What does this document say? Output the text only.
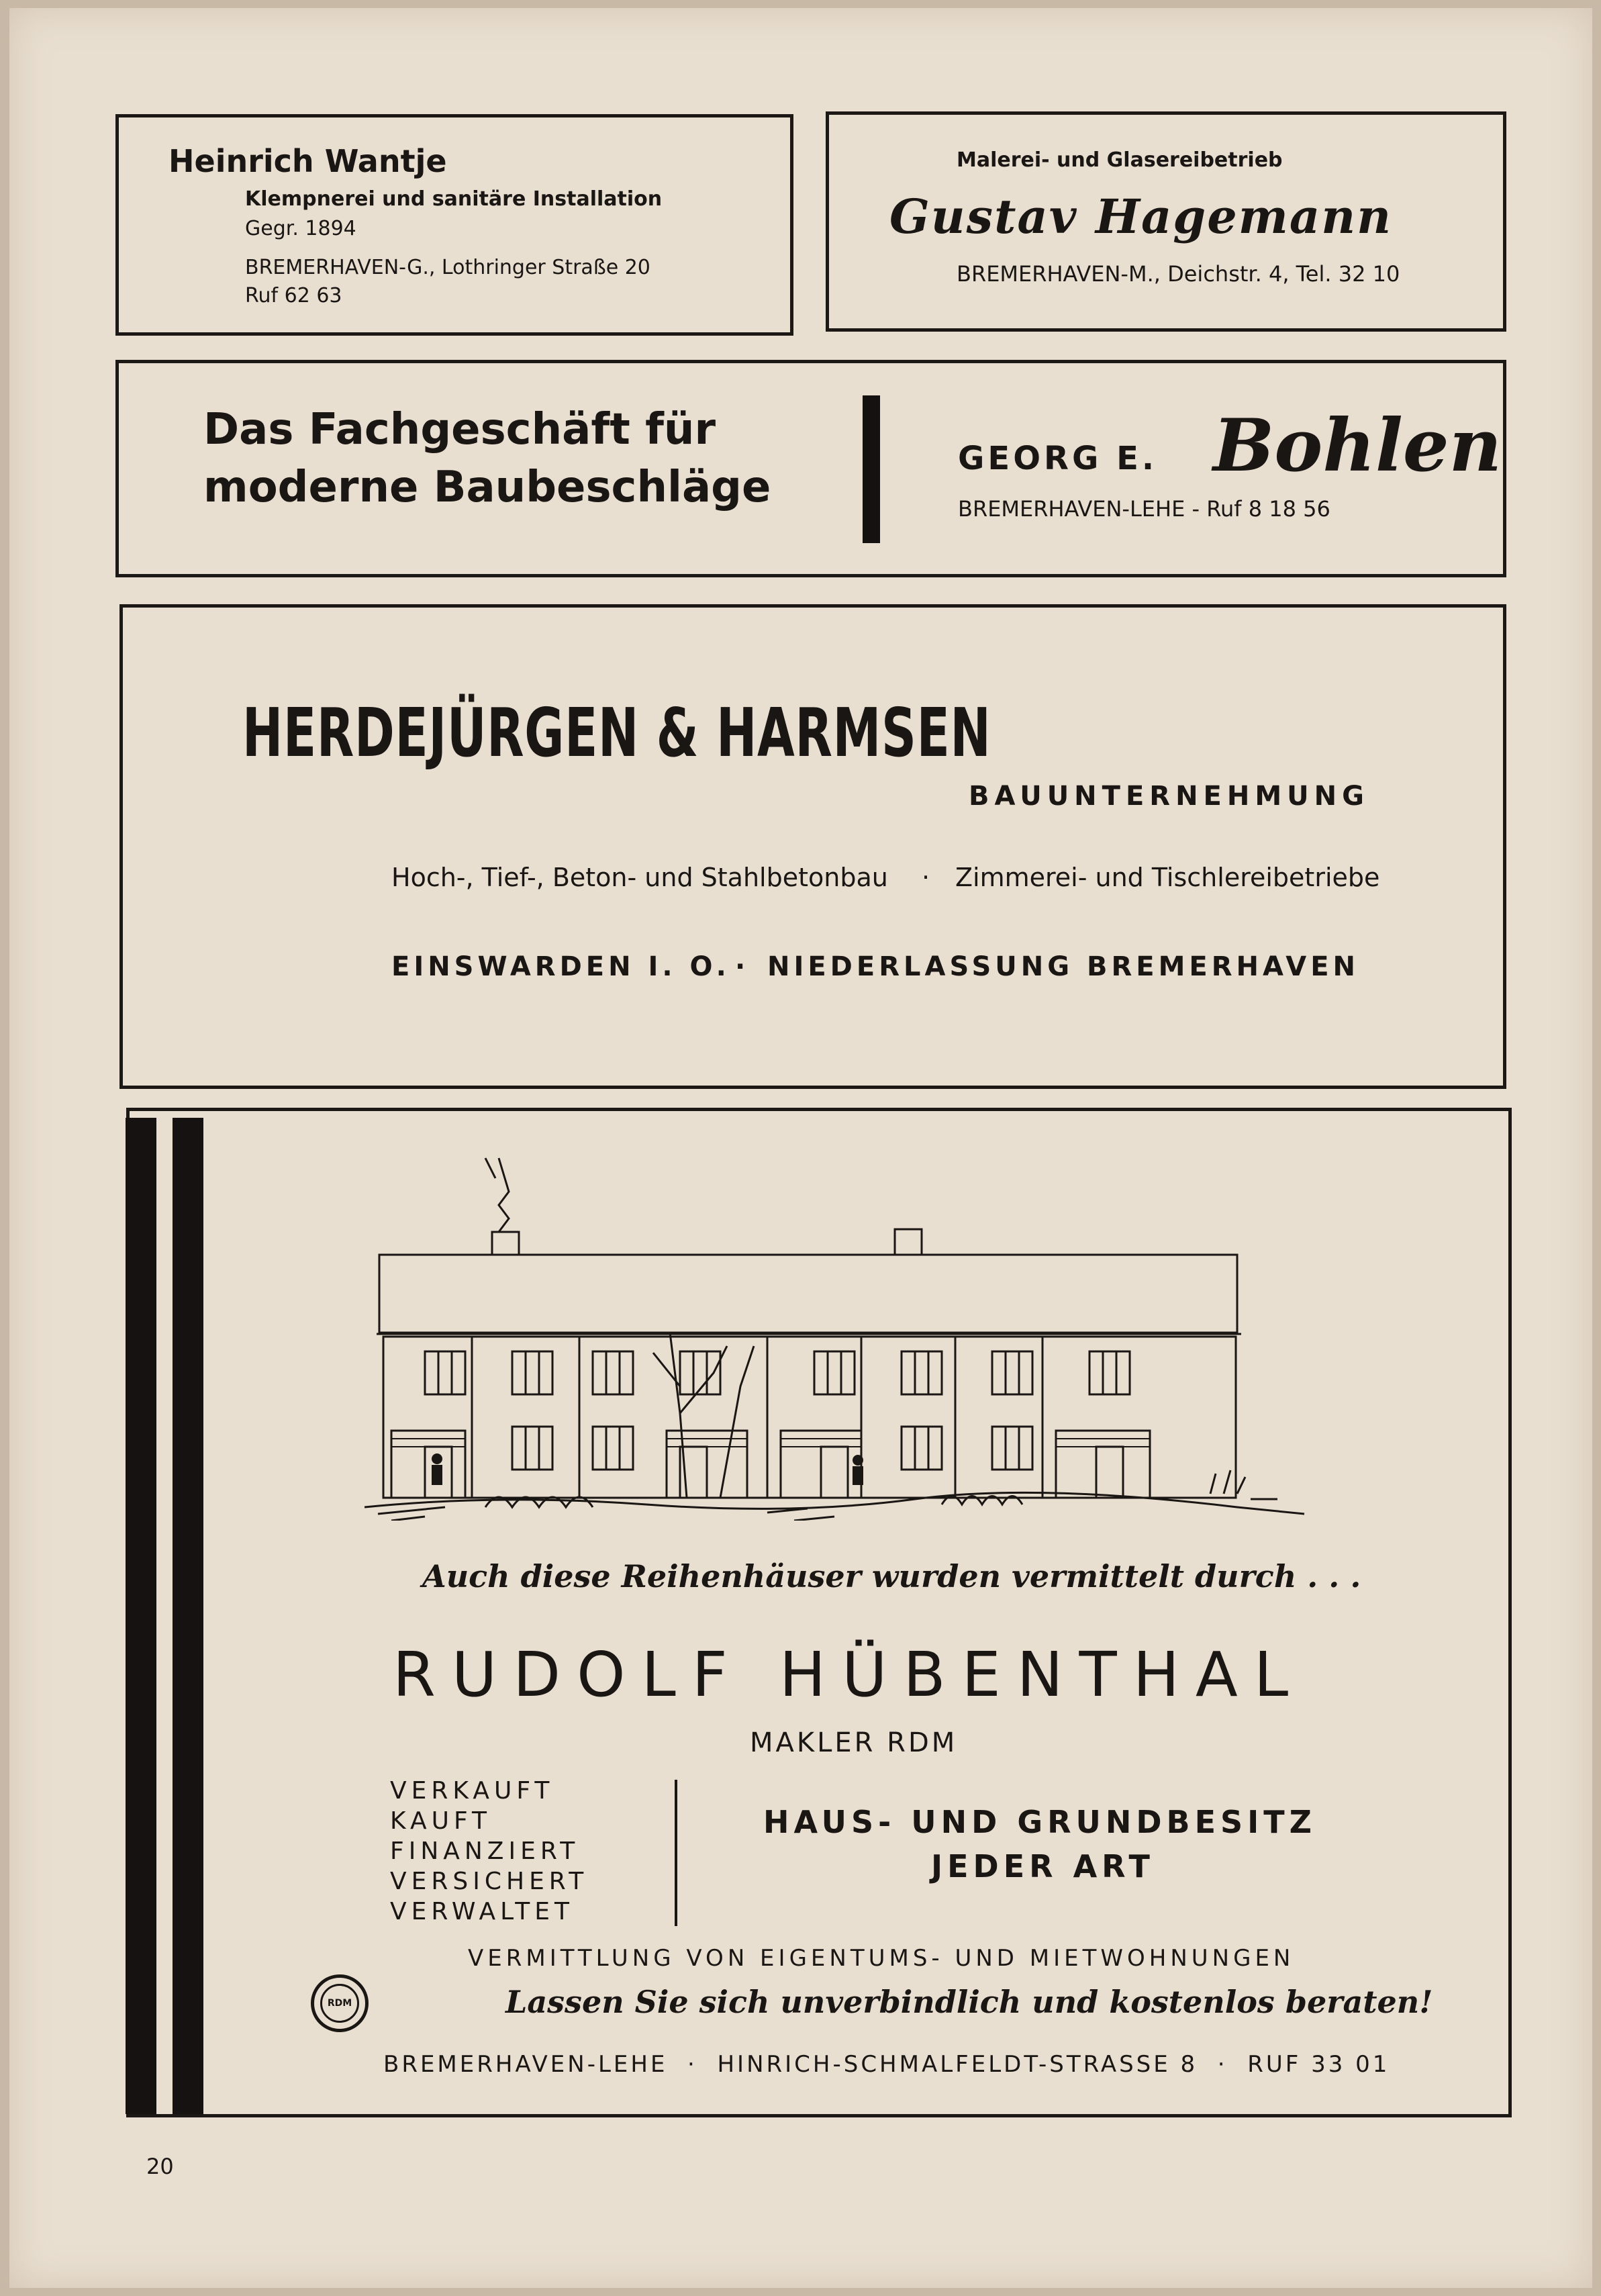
Heinrich Wantje
Klempnerei und sanitäre Installation
Gegr. 1894
BREMERHAVEN-G., Lothringer Straße 20
Ruf 62 63
Malerei- und Glasereibetrieb
Gustav Hagemann
BREMERHAVEN-M., Deichstr. 4, Tel. 32 10
Das Fachgeschäft für
moderne Baubeschläge
GEORG E. Bohlen
BREMERHAVEN-LEHE - Ruf 8 18 56
HERDEJÜRGEN & HARMSEN
BAUUNTERNEHMUNG
Hoch-, Tief-, Beton- und Stahlbetonbau · Zimmerei- und Tischlereibetriebe
EINSWARDEN I. O. · NIEDERLASSUNG BREMERHAVEN
Auch diese Reihenhäuser wurden vermittelt durch . . .
RUDOLF HÜBENTHAL
MAKLER RDM
VERKAUFT
KAUFT
FINANZIERT
VERSICHERT
VERWALTET
HAUS- UND GRUNDBESITZ
JEDER ART
VERMITTLUNG VON EIGENTUMS- UND MIETWOHNUNGEN
RDM	Lassen Sie sich unverbindlich und kostenlos beraten!
BREMERHAVEN-LEHE  ·  HINRICH-SCHMALFELDT-STRASSE 8  ·  RUF 33 01
20
